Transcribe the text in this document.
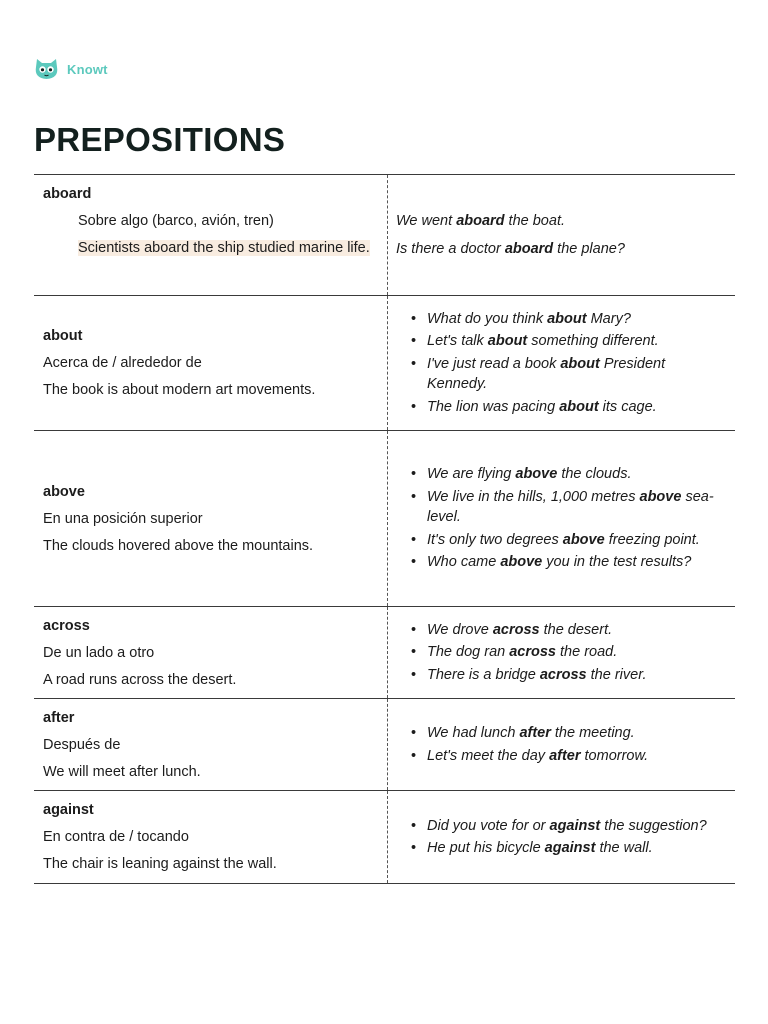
Knowt
PREPOSITIONS
aboard
Sobre algo (barco, avión, tren)
Scientists aboard the ship studied marine life.
We went aboard the boat.
Is there a doctor aboard the plane?
about
Acerca de / alrededor de
The book is about modern art movements.
• What do you think about Mary?
• Let's talk about something different.
• I've just read a book about President Kennedy.
• The lion was pacing about its cage.
above
En una posición superior
The clouds hovered above the mountains.
• We are flying above the clouds.
• We live in the hills, 1,000 metres above sea-level.
• It's only two degrees above freezing point.
• Who came above you in the test results?
across
De un lado a otro
A road runs across the desert.
• We drove across the desert.
• The dog ran across the road.
• There is a bridge across the river.
after
Después de
We will meet after lunch.
• We had lunch after the meeting.
• Let's meet the day after tomorrow.
against
En contra de / tocando
The chair is leaning against the wall.
• Did you vote for or against the suggestion?
• He put his bicycle against the wall.
